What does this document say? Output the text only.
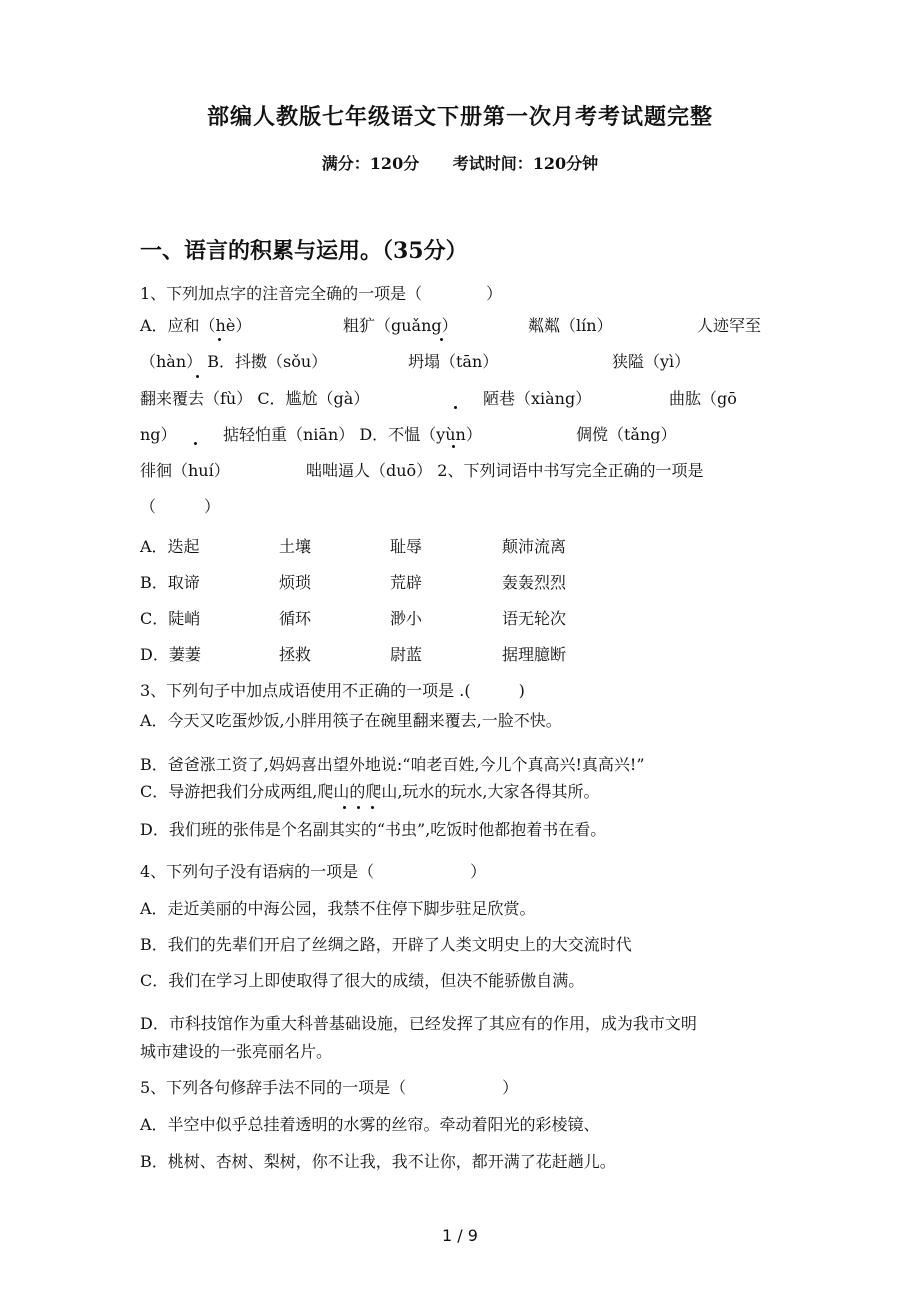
部编人教版七年级语文下册第一次月考考试题完整
满分：120分 考试时间：120分钟
一、语言的积累与运用。（35分）
1、下列加点字的注音完全确的一项是（　　　　）
A．应和（hè）	粗犷（guǎng）	粼粼（lín）	人迹罕至
（hàn） B．抖擞（sǒu）	坍塌（tān）	狭隘（yì）
翻来覆去（fù） C．尴尬（gà）	陋巷（xiàng）	曲肱（gō
ng）	掂轻怕重（niān） D．不愠（yùn）	倜傥（tǎng）
徘徊（huí）	咄咄逼人（duō） 2、下列词语中书写完全正确的一项是
（　　　）
A．迭起	土壤	耻辱	颠沛流离
B．取谛	烦琐	荒辟	轰轰烈烈
C．陡峭	循环	渺小	语无轮次
D．萋萋	拯救	尉蓝	据理臆断
3、下列句子中加点成语使用不正确的一项是 .(　　　)
A．今天又吃蛋炒饭,小胖用筷子在碗里翻来覆去,一脸不快。
B．爸爸涨工资了,妈妈喜出望外地说:“咱老百姓,今儿个真高兴!真高兴!”
C．导游把我们分成两组,爬山的爬山,玩水的玩水,大家各得其所。
D．我们班的张伟是个名副其实的“书虫”,吃饭时他都抱着书在看。
4、下列句子没有语病的一项是（　　　　　　）
A．走近美丽的中海公园，我禁不住停下脚步驻足欣赏。
B．我们的先辈们开启了丝绸之路，开辟了人类文明史上的大交流时代
C．我们在学习上即使取得了很大的成绩，但决不能骄傲自满。
D．市科技馆作为重大科普基础设施，已经发挥了其应有的作用，成为我市文明
城市建设的一张亮丽名片。
5、下列各句修辞手法不同的一项是（　　　　　　）
A．半空中似乎总挂着透明的水雾的丝帘。牵动着阳光的彩棱镜、
B．桃树、杏树、梨树，你不让我，我不让你，都开满了花赶趟儿。
1 / 9
